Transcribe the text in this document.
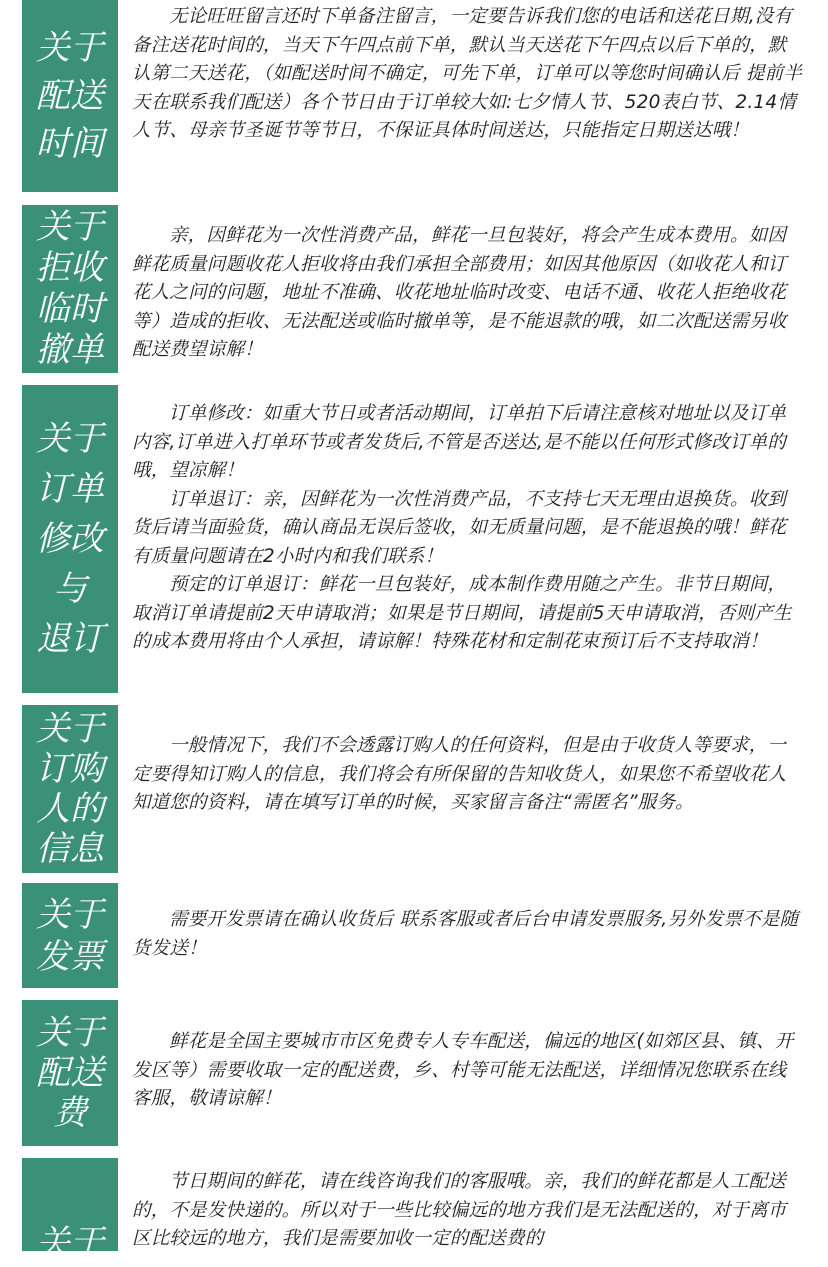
关于
配送
时间

无论旺旺留言还时下单备注留言，一定要告诉我们您的电话和送花日期,没有备注送花时间的，当天下午四点前下单，默认当天送花下午四点以后下单的，默认第二天送花，（如配送时间不确定，可先下单，订单可以等您时间确认后 提前半天在联系我们配送）各个节日由于订单较大如:七夕情人节、520表白节、2.14情人节、母亲节圣诞节等节日，不保证具体时间送达，只能指定日期送达哦！

关于
拒收
临时
撤单

亲，因鲜花为一次性消费产品，鲜花一旦包装好，将会产生成本费用。如因鲜花质量问题收花人拒收将由我们承担全部费用；如因其他原因（如收花人和订花人之问的问题，地址不准确、收花地址临时改变、电话不通、收花人拒绝收花等）造成的拒收、无法配送或临时撤单等，是不能退款的哦，如二次配送需另收配送费望谅解！

关于
订单
修改
与
退订

订单修改：如重大节日或者活动期间，订单拍下后请注意核对地址以及订单内容,订单进入打单环节或者发货后,不管是否送达,是不能以任何形式修改订单的哦，望凉解！

订单退订：亲，因鲜花为一次性消费产品，不支持七天无理由退换货。收到货后请当面验货，确认商品无误后签收，如无质量问题，是不能退换的哦！鲜花有质量问题请在2小时内和我们联系！

预定的订单退订：鲜花一旦包装好，成本制作费用随之产生。非节日期间，取消订单请提前2天申请取消；如果是节日期间，请提前5天申请取消，否则产生的成本费用将由个人承担，请谅解！特殊花材和定制花束预订后不支持取消！

关于
订购
人的
信息

一般情况下，我们不会透露订购人的任何资料，但是由于收货人等要求，一定要得知订购人的信息，我们将会有所保留的告知收货人，如果您不希望收花人知道您的资料，请在填写订单的时候，买家留言备注“需匿名”服务。

关于
发票

需要开发票请在确认收货后 联系客服或者后台申请发票服务,另外发票不是随货发送！

关于
配送
费

鲜花是全国主要城市市区免费专人专车配送，偏远的地区(如郊区县、镇、开发区等）需要收取一定的配送费，乡、村等可能无法配送，详细情况您联系在线客服，敬请谅解！

关于

节日期间的鲜花，请在线咨询我们的客服哦。亲，我们的鲜花都是人工配送的，不是发快递的。所以对于一些比较偏远的地方我们是无法配送的，对于离市区比较远的地方，我们是需要加收一定的配送费的
